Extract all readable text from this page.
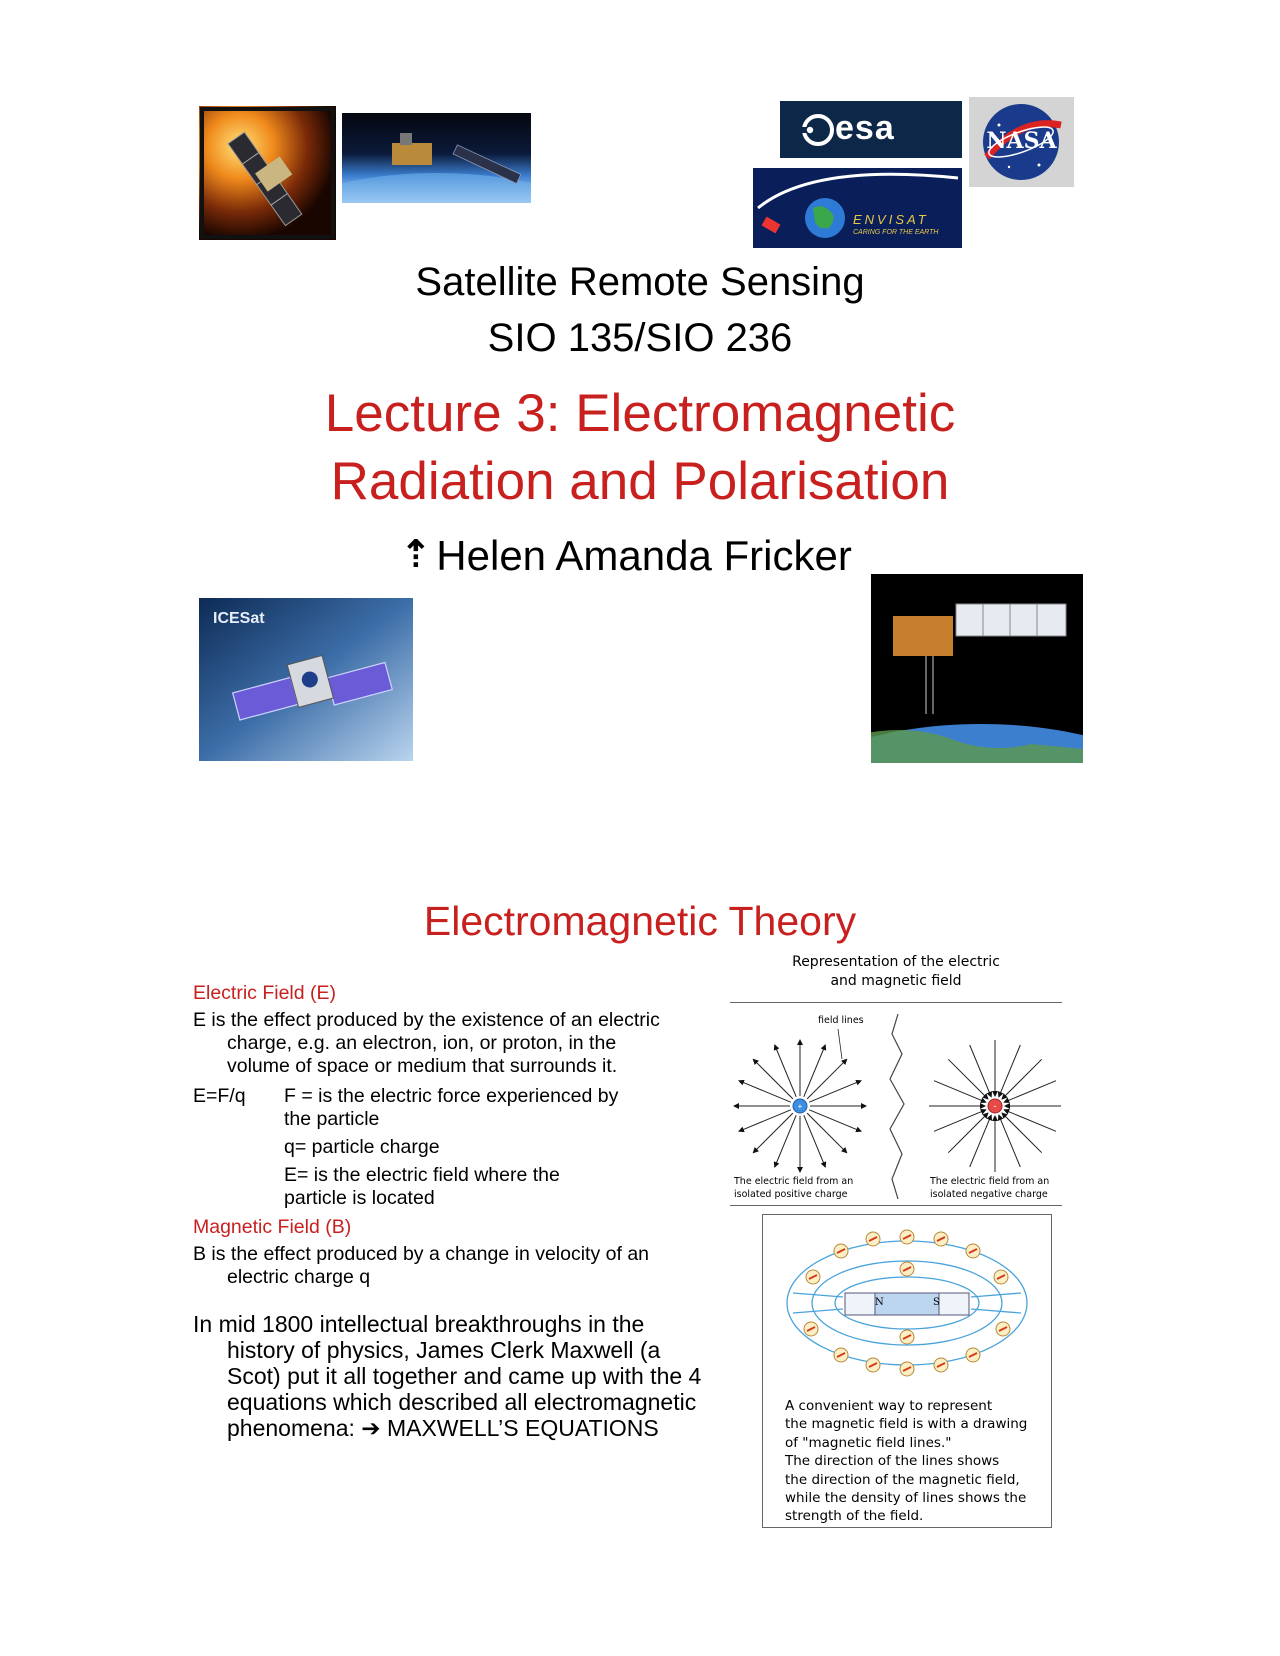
esa	NASA
ENVISAT
CARING FOR THE EARTH
Satellite Remote Sensing
SIO 135/SIO 236
Lecture 3: Electromagnetic
Radiation and Polarisation
⇡ Helen Amanda Fricker
ICESat
Electromagnetic Theory
Electric Field (E)
E is the effect produced by the existence of an electric
charge, e.g. an electron, ion, or proton, in the
volume of space or medium that surrounds it.
E=F/q F = is the electric force experienced by
the particle
q= particle charge
E= is the electric field where the
particle is located
Magnetic Field (B)
B is the effect produced by a change in velocity of an
electric charge q
In mid 1800 intellectual breakthroughs in the
history of physics, James Clerk Maxwell (a
Scot) put it all together and came up with the 4
equations which described all electromagnetic
phenomena: ➔ MAXWELL’S EQUATIONS
Representation of the electric
and magnetic field
+	-
field lines
The electric field from an
isolated positive charge
The electric field from an
isolated negative charge
N	S
A convenient way to represent
the magnetic field is with a drawing
of "magnetic field lines."
The direction of the lines shows
the direction of the magnetic field,
while the density of lines shows the
strength of the field.
